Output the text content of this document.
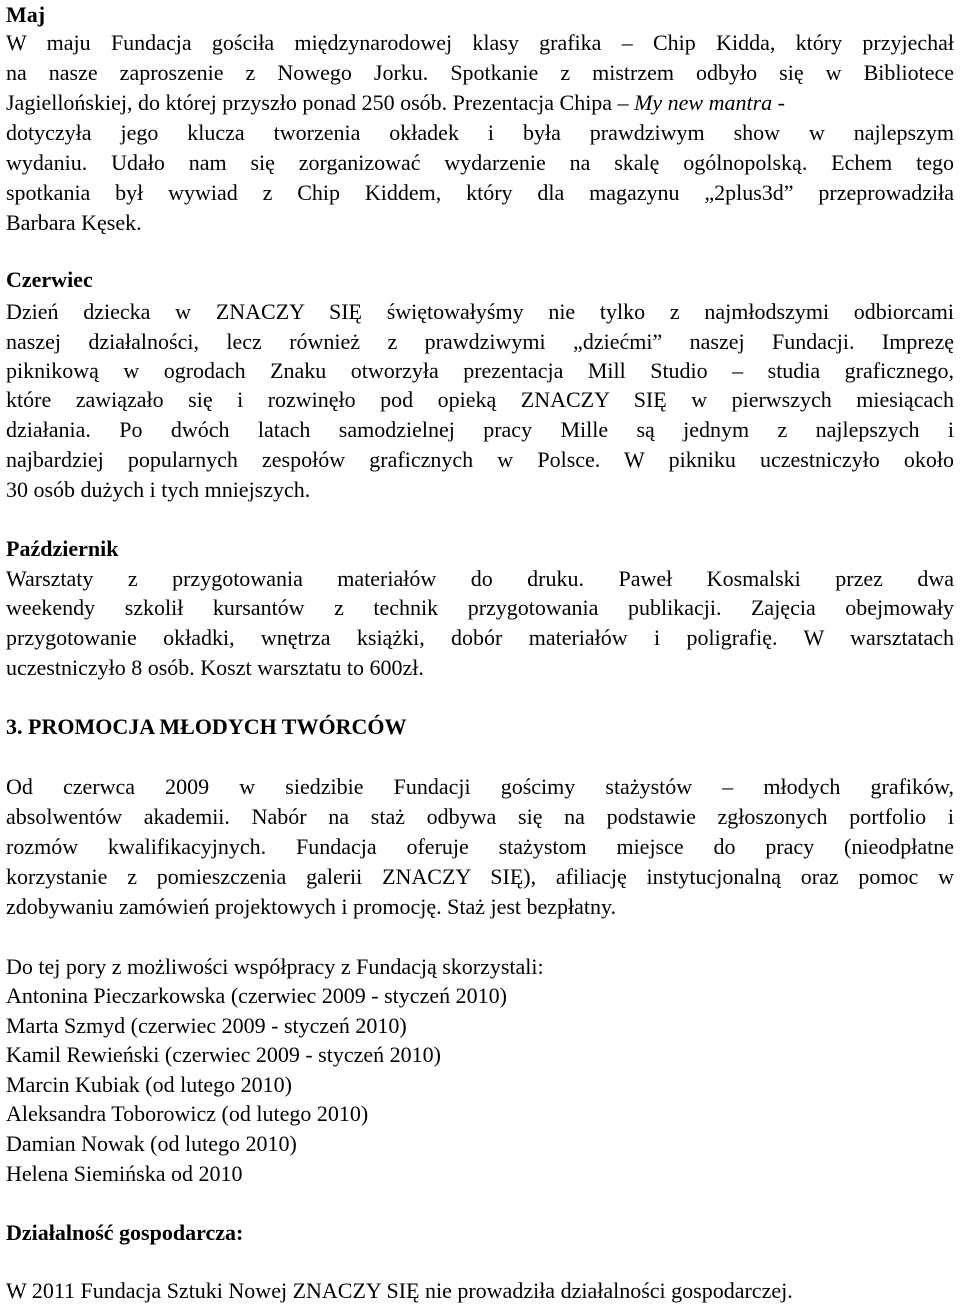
Maj
W maju Fundacja gościła międzynarodowej klasy grafika – Chip Kidda, który przyjechał
na nasze zaproszenie z Nowego Jorku. Spotkanie z mistrzem odbyło się w Bibliotece
Jagiellońskiej, do której przyszło ponad 250 osób. Prezentacja Chipa – My new mantra -
dotyczyła jego klucza tworzenia okładek i była prawdziwym show w najlepszym
wydaniu. Udało nam się zorganizować wydarzenie na skalę ogólnopolską. Echem tego
spotkania był wywiad z Chip Kiddem, który dla magazynu „2plus3d” przeprowadziła
Barbara Kęsek.
Czerwiec
Dzień dziecka w ZNACZY SIĘ świętowałyśmy nie tylko z najmłodszymi odbiorcami
naszej działalności, lecz również z prawdziwymi „dziećmi” naszej Fundacji. Imprezę
piknikową w ogrodach Znaku otworzyła prezentacja Mill Studio – studia graficznego,
które zawiązało się i rozwinęło pod opieką ZNACZY SIĘ w pierwszych miesiącach
działania. Po dwóch latach samodzielnej pracy Mille są jednym z najlepszych i
najbardziej popularnych zespołów graficznych w Polsce. W pikniku uczestniczyło około
30 osób dużych i tych mniejszych.
Październik
Warsztaty z przygotowania materiałów do druku. Paweł Kosmalski przez dwa
weekendy szkolił kursantów z technik przygotowania publikacji. Zajęcia obejmowały
przygotowanie okładki, wnętrza książki, dobór materiałów i poligrafię. W warsztatach
uczestniczyło 8 osób. Koszt warsztatu to 600zł.
3. PROMOCJA MŁODYCH TWÓRCÓW
Od czerwca 2009 w siedzibie Fundacji gościmy stażystów – młodych grafików,
absolwentów akademii. Nabór na staż odbywa się na podstawie zgłoszonych portfolio i
rozmów kwalifikacyjnych. Fundacja oferuje stażystom miejsce do pracy (nieodpłatne
korzystanie z pomieszczenia galerii ZNACZY SIĘ), afiliację instytucjonalną oraz pomoc w
zdobywaniu zamówień projektowych i promocję. Staż jest bezpłatny.
Do tej pory z możliwości współpracy z Fundacją skorzystali:
Antonina Pieczarkowska (czerwiec 2009 - styczeń 2010)
Marta Szmyd (czerwiec 2009 - styczeń 2010)
Kamil Rewieński (czerwiec 2009 - styczeń 2010)
Marcin Kubiak (od lutego 2010)
Aleksandra Toborowicz (od lutego 2010)
Damian Nowak (od lutego 2010)
Helena Siemińska od 2010
Działalność gospodarcza:
W 2011 Fundacja Sztuki Nowej ZNACZY SIĘ nie prowadziła działalności gospodarczej.
